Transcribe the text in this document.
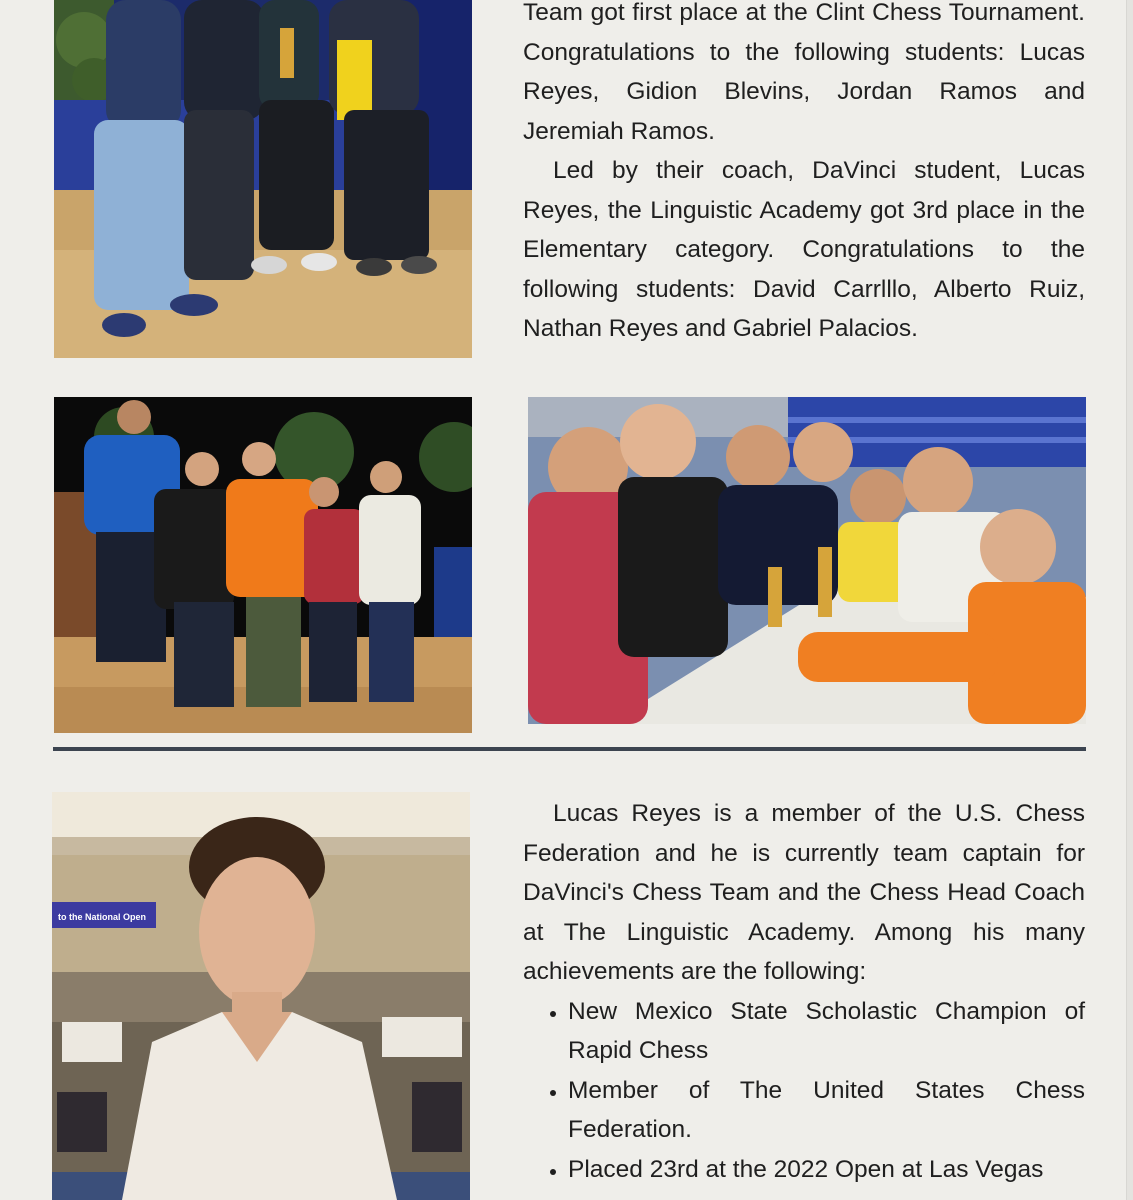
Team got first place at the Clint Chess Tournament. Congratulations to the following students: Lucas Reyes, Gidion Blevins, Jordan Ramos and Jeremiah Ramos.

Led by their coach, DaVinci student, Lucas Reyes, the Linguistic Academy got 3rd place in the Elementary category. Congratulations to the following students: David Carrlllo, Alberto Ruiz, Nathan Reyes and Gabriel Palacios.

to the National Open

Lucas Reyes is a member of the U.S. Chess Federation and he is currently team captain for DaVinci's Chess Team and the Chess Head Coach at The Linguistic Academy. Among his many achievements are the following:

• New Mexico State Scholastic Champion of Rapid Chess
• Member of The United States Chess Federation.
• Placed 23rd at the 2022 Open at Las Vegas
